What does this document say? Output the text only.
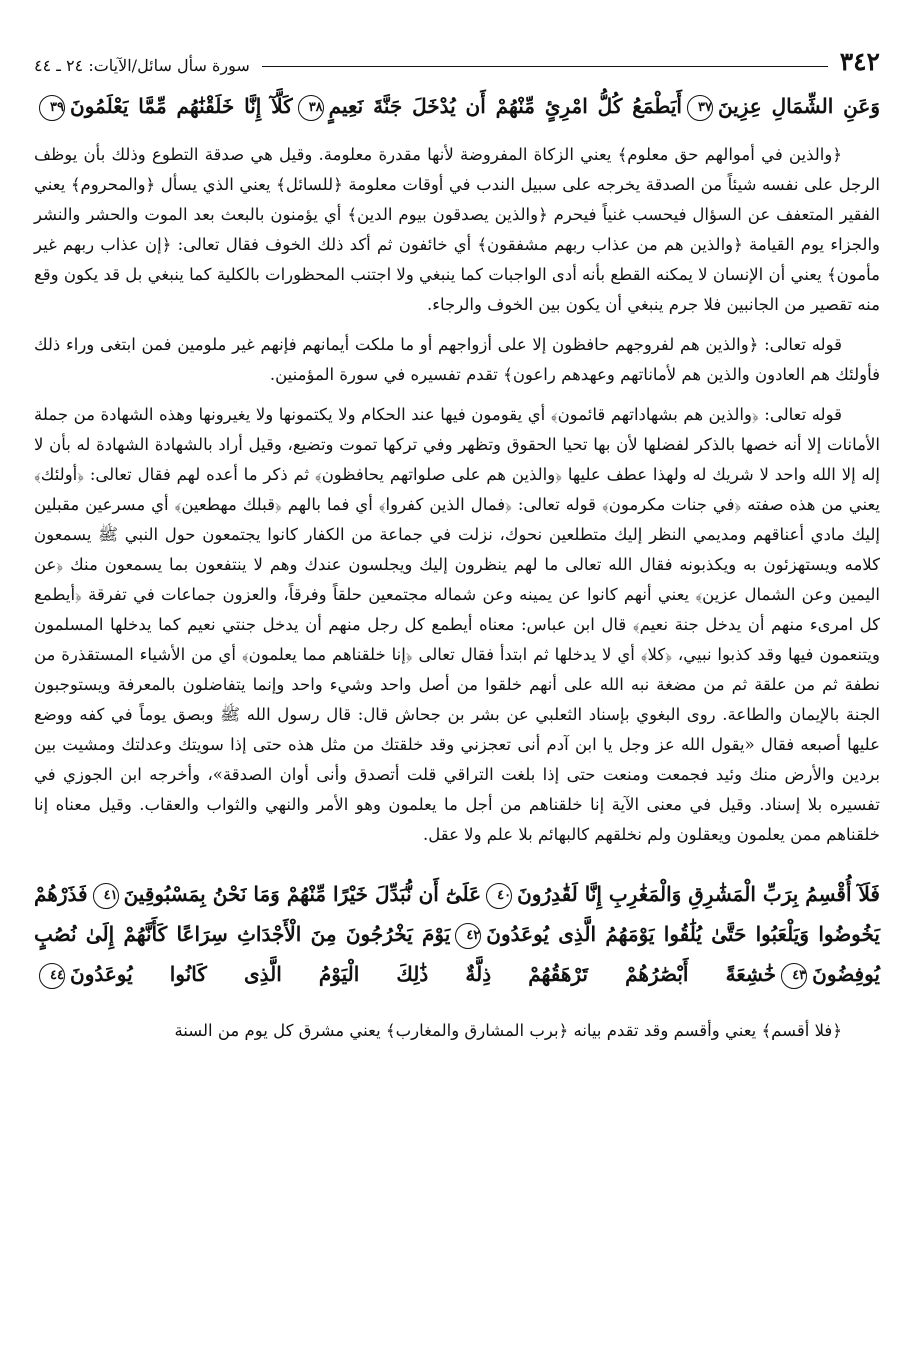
٣٤٢
سورة سأل سائل/الآيات: ٢٤ ـ ٤٤
وَعَنِ الشِّمَالِ عِزِينَ٣٧أَيَطْمَعُ كُلُّ امْرِئٍ مِّنْهُمْ أَن يُدْخَلَ جَنَّةَ نَعِيمٍ٣٨كَلَّآ إِنَّا خَلَقْنَٰهُم مِّمَّا يَعْلَمُونَ٣٩

﴿والذين في أموالهم حق معلوم﴾ يعني الزكاة المفروضة لأنها مقدرة معلومة. وقيل هي صدقة التطوع وذلك بأن يوظف الرجل على نفسه شيئاً من الصدقة يخرجه على سبيل الندب في أوقات معلومة ﴿للسائل﴾ يعني الذي يسأل ﴿والمحروم﴾ يعني الفقير المتعفف عن السؤال فيحسب غنياً فيحرم ﴿والذين يصدقون بيوم الدين﴾ أي يؤمنون بالبعث بعد الموت والحشر والنشر والجزاء يوم القيامة ﴿والذين هم من عذاب ربهم مشفقون﴾ أي خائفون ثم أكد ذلك الخوف فقال تعالى: ﴿إن عذاب ربهم غير مأمون﴾ يعني أن الإنسان لا يمكنه القطع بأنه أدى الواجبات كما ينبغي ولا اجتنب المحظورات بالكلية كما ينبغي بل قد يكون وقع منه تقصير من الجانبين فلا جرم ينبغي أن يكون بين الخوف والرجاء.

قوله تعالى: ﴿والذين هم لفروجهم حافظون إلا على أزواجهم أو ما ملكت أيمانهم فإنهم غير ملومين فمن ابتغى وراء ذلك فأولئك هم العادون والذين هم لأماناتهم وعهدهم راعون﴾ تقدم تفسيره في سورة المؤمنين.

قوله تعالى: ﴿والذين هم بشهاداتهم قائمون﴾ أي يقومون فيها عند الحكام ولا يكتمونها ولا يغيرونها وهذه الشهادة من جملة الأمانات إلا أنه خصها بالذكر لفضلها لأن بها تحيا الحقوق وتظهر وفي تركها تموت وتضيع، وقيل أراد بالشهادة الشهادة له بأن لا إله إلا الله واحد لا شريك له ولهذا عطف عليها ﴿والذين هم على صلواتهم يحافظون﴾ ثم ذكر ما أعده لهم فقال تعالى: ﴿أولئك﴾ يعني من هذه صفته ﴿في جنات مكرمون﴾ قوله تعالى: ﴿فمال الذين كفروا﴾ أي فما بالهم ﴿قبلك مهطعين﴾ أي مسرعين مقبلين إليك مادي أعناقهم ومديمي النظر إليك متطلعين نحوك، نزلت في جماعة من الكفار كانوا يجتمعون حول النبي ﷺ يسمعون كلامه ويستهزئون به ويكذبونه فقال الله تعالى ما لهم ينظرون إليك ويجلسون عندك وهم لا ينتفعون بما يسمعون منك ﴿عن اليمين وعن الشمال عزين﴾ يعني أنهم كانوا عن يمينه وعن شماله مجتمعين حلقاً وفرقاً، والعزون جماعات في تفرقة ﴿أيطمع كل امرىء منهم أن يدخل جنة نعيم﴾ قال ابن عباس: معناه أيطمع كل رجل منهم أن يدخل جنتي نعيم كما يدخلها المسلمون ويتنعمون فيها وقد كذبوا نبيي، ﴿كلا﴾ أي لا يدخلها ثم ابتدأ فقال تعالى ﴿إنا خلقناهم مما يعلمون﴾ أي من الأشياء المستقذرة من نطفة ثم من علقة ثم من مضغة نبه الله على أنهم خلقوا من أصل واحد وشيء واحد وإنما يتفاضلون بالمعرفة ويستوجبون الجنة بالإيمان والطاعة. روى البغوي بإسناد الثعلبي عن بشر بن جحاش قال: قال رسول الله ﷺ وبصق يوماً في كفه ووضع عليها أصبعه فقال «يقول الله عز وجل يا ابن آدم أنى تعجزني وقد خلقتك من مثل هذه حتى إذا سويتك وعدلتك ومشيت بين بردين والأرض منك وئيد فجمعت ومنعت حتى إذا بلغت التراقي قلت أتصدق وأنى أوان الصدقة»، وأخرجه ابن الجوزي في تفسيره بلا إسناد. وقيل في معنى الآية إنا خلقناهم من أجل ما يعلمون وهو الأمر والنهي والثواب والعقاب. وقيل معناه إنا خلقناهم ممن يعلمون ويعقلون ولم نخلقهم كالبهائم بلا علم ولا عقل.

فَلَآ أُقْسِمُ بِرَبِّ الْمَشَٰرِقِ وَالْمَغَٰرِبِ إِنَّا لَقَٰدِرُونَ٤٠عَلَىٰٓ أَن نُّبَدِّلَ خَيْرًا مِّنْهُمْ وَمَا نَحْنُ بِمَسْبُوقِينَ٤١فَذَرْهُمْ يَخُوضُوا وَيَلْعَبُوا حَتَّىٰ يُلَٰقُوا يَوْمَهُمُ الَّذِى يُوعَدُونَ٤٢يَوْمَ يَخْرُجُونَ مِنَ الْأَجْدَاثِ سِرَاعًا كَأَنَّهُمْ إِلَىٰ نُصُبٍ يُوفِضُونَ٤٣خَٰشِعَةً أَبْصَٰرُهُمْ تَرْهَقُهُمْ ذِلَّةٌ ذَٰلِكَ الْيَوْمُ الَّذِى كَانُوا يُوعَدُونَ٤٤

﴿فلا أقسم﴾ يعني وأقسم وقد تقدم بيانه ﴿برب المشارق والمغارب﴾ يعني مشرق كل يوم من السنة
